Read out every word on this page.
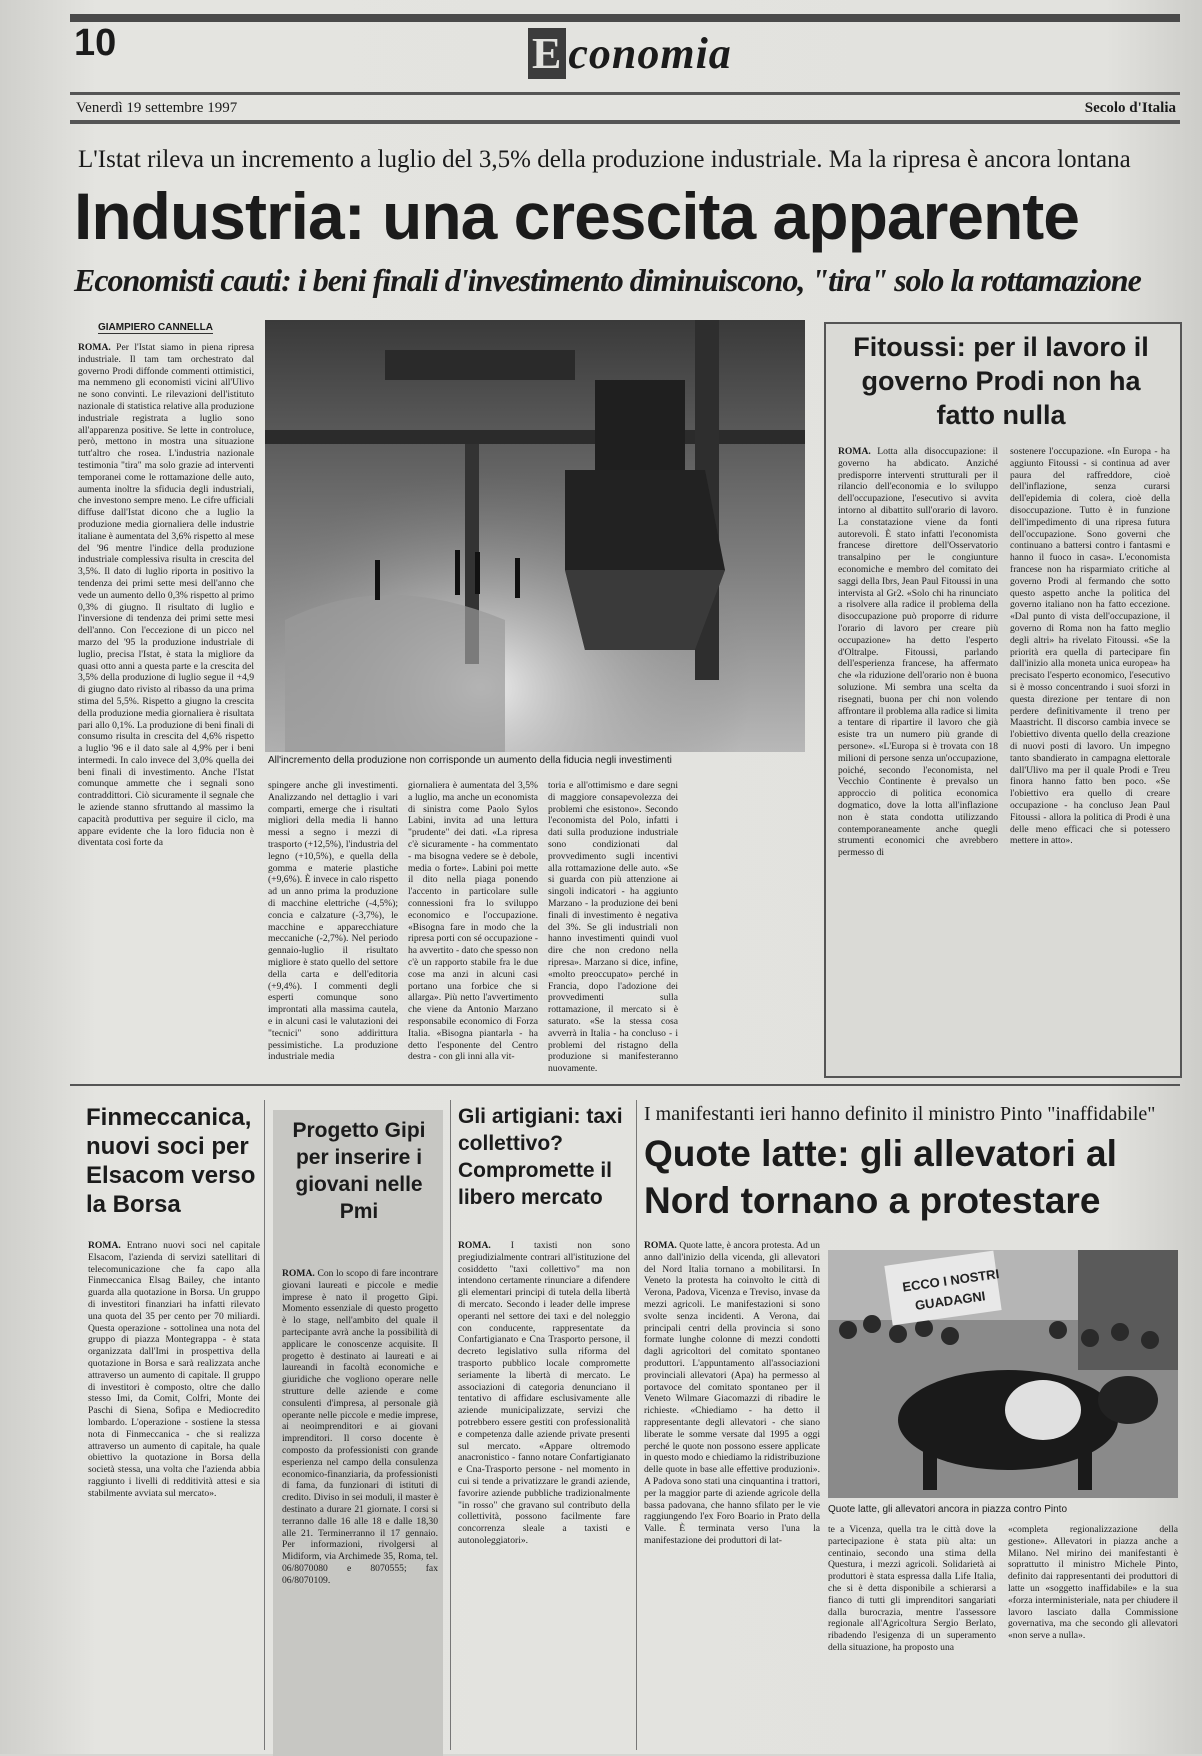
10	E conomia
Venerdì 19 settembre 1997	Secolo d'Italia
L'Istat rileva un incremento a luglio del 3,5% della produzione industriale. Ma la ripresa è ancora lontana
Industria: una crescita apparente
Economisti cauti: i beni finali d'investimento diminuiscono, "tira" solo la rottamazione
GIAMPIERO CANNELLA
ROMA. Per l'Istat siamo in piena ripresa industriale. Il tam tam orchestrato dal governo Prodi diffonde commenti ottimistici, ma nemmeno gli economisti vicini all'Ulivo ne sono convinti. Le rilevazioni dell'istituto nazionale di statistica relative alla produzione industriale registrata a luglio sono all'apparenza positive. Se lette in controluce, però, mettono in mostra una situazione tutt'altro che rosea. L'industria nazionale testimonia "tira" ma solo grazie ad interventi temporanei come le rottamazione delle auto, aumenta inoltre la sfiducia degli industriali, che investono sempre meno. Le cifre ufficiali diffuse dall'Istat dicono che a luglio la produzione media giornaliera delle industrie italiane è aumentata del 3,6% rispetto al mese del '96 mentre l'indice della produzione industriale complessiva risulta in crescita del 3,5%. Il dato di luglio riporta in positivo la tendenza dei primi sette mesi dell'anno che vede un aumento dello 0,3% rispetto al primo 0,3% di giugno. Il risultato di luglio e l'inversione di tendenza dei primi sette mesi dell'anno. Con l'eccezione di un picco nel marzo del '95 la produzione industriale di luglio, precisa l'Istat, è stata la migliore da quasi otto anni a questa parte e la crescita del 3,5% della produzione di luglio segue il +4,9 di giugno dato rivisto al ribasso da una prima stima del 5,5%. Rispetto a giugno la crescita della produzione media giornaliera è risultata pari allo 0,1%. La produzione di beni finali di consumo risulta in crescita del 4,6% rispetto a luglio '96 e il dato sale al 4,9% per i beni intermedi. In calo invece del 3,0% quella dei beni finali di investimento. Anche l'Istat comunque ammette che i segnali sono contraddittori. Ciò sicuramente il segnale che le aziende stanno sfruttando al massimo la capacità produttiva per seguire il ciclo, ma appare evidente che la loro fiducia non è diventata così forte da
All'incremento della produzione non corrisponde un aumento della fiducia negli investimenti
spingere anche gli investimenti. Analizzando nel dettaglio i vari comparti, emerge che i risultati migliori della media li hanno messi a segno i mezzi di trasporto (+12,5%), l'industria del legno (+10,5%), e quella della gomma e materie plastiche (+9,6%). È invece in calo rispetto ad un anno prima la produzione di macchine elettriche (-4,5%); concia e calzature (-3,7%), le macchine e apparecchiature meccaniche (-2,7%). Nel periodo gennaio-luglio il risultato migliore è stato quello del settore della carta e dell'editoria (+9,4%). I commenti degli esperti comunque sono improntati alla massima cautela, e in alcuni casi le valutazioni dei "tecnici" sono addirittura pessimistiche. La produzione industriale media
giornaliera è aumentata del 3,5% a luglio, ma anche un economista di sinistra come Paolo Sylos Labini, invita ad una lettura "prudente" dei dati. «La ripresa c'è sicuramente - ha commentato - ma bisogna vedere se è debole, media o forte». Labini poi mette il dito nella piaga ponendo l'accento in particolare sulle connessioni fra lo sviluppo economico e l'occupazione. «Bisogna fare in modo che la ripresa porti con sé occupazione - ha avvertito - dato che spesso non c'è un rapporto stabile fra le due cose ma anzi in alcuni casi portano una forbice che si allarga». Più netto l'avvertimento che viene da Antonio Marzano responsabile economico di Forza Italia. «Bisogna piantarla - ha detto l'esponente del Centro destra - con gli inni alla vit-
toria e all'ottimismo e dare segni di maggiore consapevolezza dei problemi che esistono». Secondo l'economista del Polo, infatti i dati sulla produzione industriale sono condizionati dal provvedimento sugli incentivi alla rottamazione delle auto. «Se si guarda con più attenzione ai singoli indicatori - ha aggiunto Marzano - la produzione dei beni finali di investimento è negativa del 3%. Se gli industriali non hanno investimenti quindi vuol dire che non credono nella ripresa». Marzano si dice, infine, «molto preoccupato» perché in Francia, dopo l'adozione dei provvedimenti sulla rottamazione, il mercato si è saturato. «Se la stessa cosa avverrà in Italia - ha concluso - i problemi del ristagno della produzione si manifesteranno nuovamente.
Fitoussi: per il lavoro il governo Prodi non ha fatto nulla
ROMA. Lotta alla disoccupazione: il governo ha abdicato. Anziché predisporre interventi strutturali per il rilancio dell'economia e lo sviluppo dell'occupazione, l'esecutivo si avvita intorno al dibattito sull'orario di lavoro. La constatazione viene da fonti autorevoli. È stato infatti l'economista francese direttore dell'Osservatorio transalpino per le congiunture economiche e membro del comitato dei saggi della Ibrs, Jean Paul Fitoussi in una intervista al Gr2. «Solo chi ha rinunciato a risolvere alla radice il problema della disoccupazione può proporre di ridurre l'orario di lavoro per creare più occupazione» ha detto l'esperto d'Oltralpe. Fitoussi, parlando dell'esperienza francese, ha affermato che «la riduzione dell'orario non è buona soluzione. Mi sembra una scelta da risegnati, buona per chi non volendo affrontare il problema alla radice si limita a tentare di ripartire il lavoro che già esiste tra un numero più grande di persone». «L'Europa si è trovata con 18 milioni di persone senza un'occupazione, poiché, secondo l'economista, nel Vecchio Continente è prevalso un approccio di politica economica dogmatico, dove la lotta all'inflazione non è stata condotta utilizzando contemporaneamente anche quegli strumenti economici che avrebbero permesso di
sostenere l'occupazione. «In Europa - ha aggiunto Fitoussi - si continua ad aver paura del raffreddore, cioè dell'inflazione, senza curarsi dell'epidemia di colera, cioè della disoccupazione. Tutto è in funzione dell'impedimento di una ripresa futura dell'occupazione. Sono governi che continuano a battersi contro i fantasmi e hanno il fuoco in casa». L'economista francese non ha risparmiato critiche al governo Prodi al fermando che sotto questo aspetto anche la politica del governo italiano non ha fatto eccezione. «Dal punto di vista dell'occupazione, il governo di Roma non ha fatto meglio degli altri» ha rivelato Fitoussi. «Se la priorità era quella di partecipare fin dall'inizio alla moneta unica europea» ha precisato l'esperto economico, l'esecutivo si è mosso concentrando i suoi sforzi in questa direzione per tentare di non perdere definitivamente il treno per Maastricht. Il discorso cambia invece se l'obiettivo diventa quello della creazione di nuovi posti di lavoro. Un impegno tanto sbandierato in campagna elettorale dall'Ulivo ma per il quale Prodi e Treu finora hanno fatto ben poco. «Se l'obiettivo era quello di creare occupazione - ha concluso Jean Paul Fitoussi - allora la politica di Prodi è una delle meno efficaci che si potessero mettere in atto».
Finmeccanica, nuovi soci per Elsacom verso la Borsa
ROMA. Entrano nuovi soci nel capitale Elsacom, l'azienda di servizi satellitari di telecomunicazione che fa capo alla Finmeccanica Elsag Bailey, che intanto guarda alla quotazione in Borsa. Un gruppo di investitori finanziari ha infatti rilevato una quota del 35 per cento per 70 miliardi. Questa operazione - sottolinea una nota del gruppo di piazza Montegrappa - è stata organizzata dall'Imi in prospettiva della quotazione in Borsa e sarà realizzata anche attraverso un aumento di capitale. Il gruppo di investitori è composto, oltre che dallo stesso Imi, da Comit, Colfri, Monte dei Paschi di Siena, Sofipa e Mediocredito lombardo. L'operazione - sostiene la stessa nota di Finmeccanica - che si realizza attraverso un aumento di capitale, ha quale obiettivo la quotazione in Borsa della società stessa, una volta che l'azienda abbia raggiunto i livelli di redditività attesi e sia stabilmente avviata sul mercato».
Progetto Gipi per inserire i giovani nelle Pmi
ROMA. Con lo scopo di fare incontrare giovani laureati e piccole e medie imprese è nato il progetto Gipi. Momento essenziale di questo progetto è lo stage, nell'ambito del quale il partecipante avrà anche la possibilità di applicare le conoscenze acquisite. Il progetto è destinato ai laureati e ai laureandi in facoltà economiche e giuridiche che vogliono operare nelle strutture delle aziende e come consulenti d'impresa, al personale già operante nelle piccole e medie imprese, ai neoimprenditori e ai giovani imprenditori. Il corso docente è composto da professionisti con grande esperienza nel campo della consulenza economico-finanziaria, da professionisti di fama, da funzionari di istituti di credito. Diviso in sei moduli, il master è destinato a durare 21 giornate. I corsi si terranno dalle 16 alle 18 e dalle 18,30 alle 21. Terminerranno il 17 gennaio. Per informazioni, rivolgersi al Midiform, via Archimede 35, Roma, tel. 06/8070080 e 8070555; fax 06/8070109.
Gli artigiani: taxi collettivo? Compromette il libero mercato
ROMA. I taxisti non sono pregiudizialmente contrari all'istituzione del cosiddetto "taxi collettivo" ma non intendono certamente rinunciare a difendere gli elementari principi di tutela della libertà di mercato. Secondo i leader delle imprese operanti nel settore dei taxi e del noleggio con conducente, rappresentate da Confartigianato e Cna Trasporto persone, il decreto legislativo sulla riforma del trasporto pubblico locale compromette seriamente la libertà di mercato. Le associazioni di categoria denunciano il tentativo di affidare esclusivamente alle aziende municipalizzate, servizi che potrebbero essere gestiti con professionalità e competenza dalle aziende private presenti sul mercato. «Appare oltremodo anacronistico - fanno notare Confartigianato e Cna-Trasporto persone - nel momento in cui si tende a privatizzare le grandi aziende, favorire aziende pubbliche tradizionalmente "in rosso" che gravano sul contributo della collettività, possono facilmente fare concorrenza sleale a taxisti e autonoleggiatori».
I manifestanti ieri hanno definito il ministro Pinto "inaffidabile"
Quote latte: gli allevatori al Nord tornano a protestare
ROMA. Quote latte, è ancora protesta. Ad un anno dall'inizio della vicenda, gli allevatori del Nord Italia tornano a mobilitarsi. In Veneto la protesta ha coinvolto le città di Verona, Padova, Vicenza e Treviso, invase da mezzi agricoli. Le manifestazioni si sono svolte senza incidenti. A Verona, dai principali centri della provincia si sono formate lunghe colonne di mezzi condotti dagli agricoltori del comitato spontaneo produttori. L'appuntamento all'associazioni provinciali allevatori (Apa) ha permesso al portavoce del comitato spontaneo per il Veneto Wilmare Giacomazzi di ribadire le richieste. «Chiediamo - ha detto il rappresentante degli allevatori - che siano liberate le somme versate dal 1995 a oggi perché le quote non possono essere applicate in questo modo e chiediamo la ridistribuzione delle quote in base alle effettive produzioni». A Padova sono stati una cinquantina i trattori, per la maggior parte di aziende agricole della bassa padovana, che hanno sfilato per le vie raggiungendo l'ex Foro Boario in Prato della Valle. È terminata verso l'una la manifestazione dei produttori di lat-
ECCO I NOSTRI
GUADAGNI
Quote latte, gli allevatori ancora in piazza contro Pinto
te a Vicenza, quella tra le città dove la partecipazione è stata più alta: un centinaio, secondo una stima della Questura, i mezzi agricoli. Solidarietà ai produttori è stata espressa dalla Life Italia, che si è detta disponibile a schierarsi a fianco di tutti gli imprenditori sangariati dalla burocrazia, mentre l'assessore regionale all'Agricoltura Sergio Berlato, ribadendo l'esigenza di un superamento della situazione, ha proposto una
«completa regionalizzazione della gestione». Allevatori in piazza anche a Milano. Nel mirino dei manifestanti è soprattutto il ministro Michele Pinto, definito dai rappresentanti dei produttori di latte un «soggetto inaffidabile» e la sua «forza interministeriale, nata per chiudere il lavoro lasciato dalla Commissione governativa, ma che secondo gli allevatori «non serve a nulla».
